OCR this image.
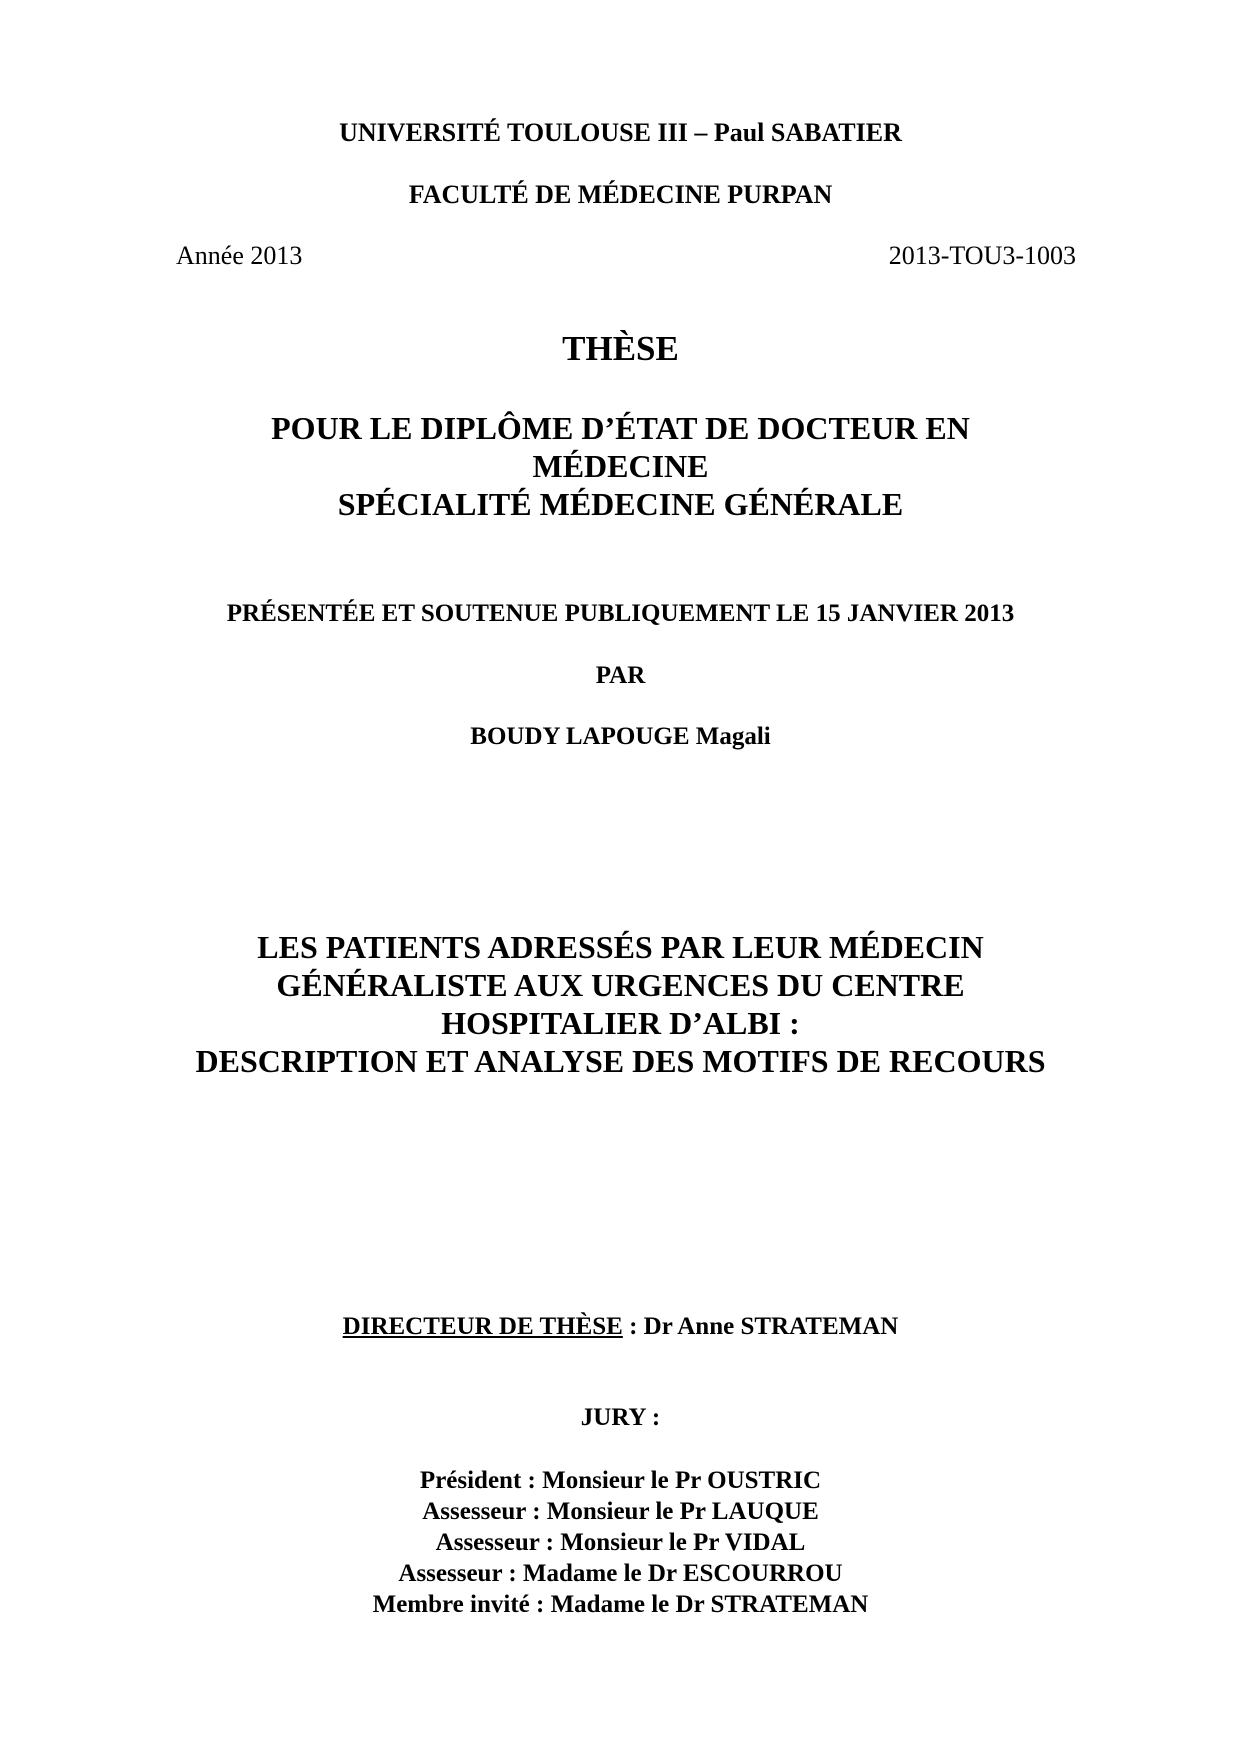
UNIVERSITÉ TOULOUSE III – Paul SABATIER
FACULTÉ DE MÉDECINE PURPAN
Année 2013	2013-TOU3-1003
THÈSE
POUR LE DIPLÔME D’ÉTAT DE DOCTEUR EN
MÉDECINE
SPÉCIALITÉ MÉDECINE GÉNÉRALE
PRÉSENTÉE ET SOUTENUE PUBLIQUEMENT LE 15 JANVIER 2013
PAR
BOUDY LAPOUGE Magali
LES PATIENTS ADRESSÉS PAR LEUR MÉDECIN
GÉNÉRALISTE AUX URGENCES DU CENTRE
HOSPITALIER D’ALBI :
DESCRIPTION ET ANALYSE DES MOTIFS DE RECOURS
DIRECTEUR DE THÈSE : Dr Anne STRATEMAN
JURY :
Président : Monsieur le Pr OUSTRIC
Assesseur : Monsieur le Pr LAUQUE
Assesseur : Monsieur le Pr VIDAL
Assesseur : Madame le Dr ESCOURROU
Membre invité : Madame le Dr STRATEMAN
